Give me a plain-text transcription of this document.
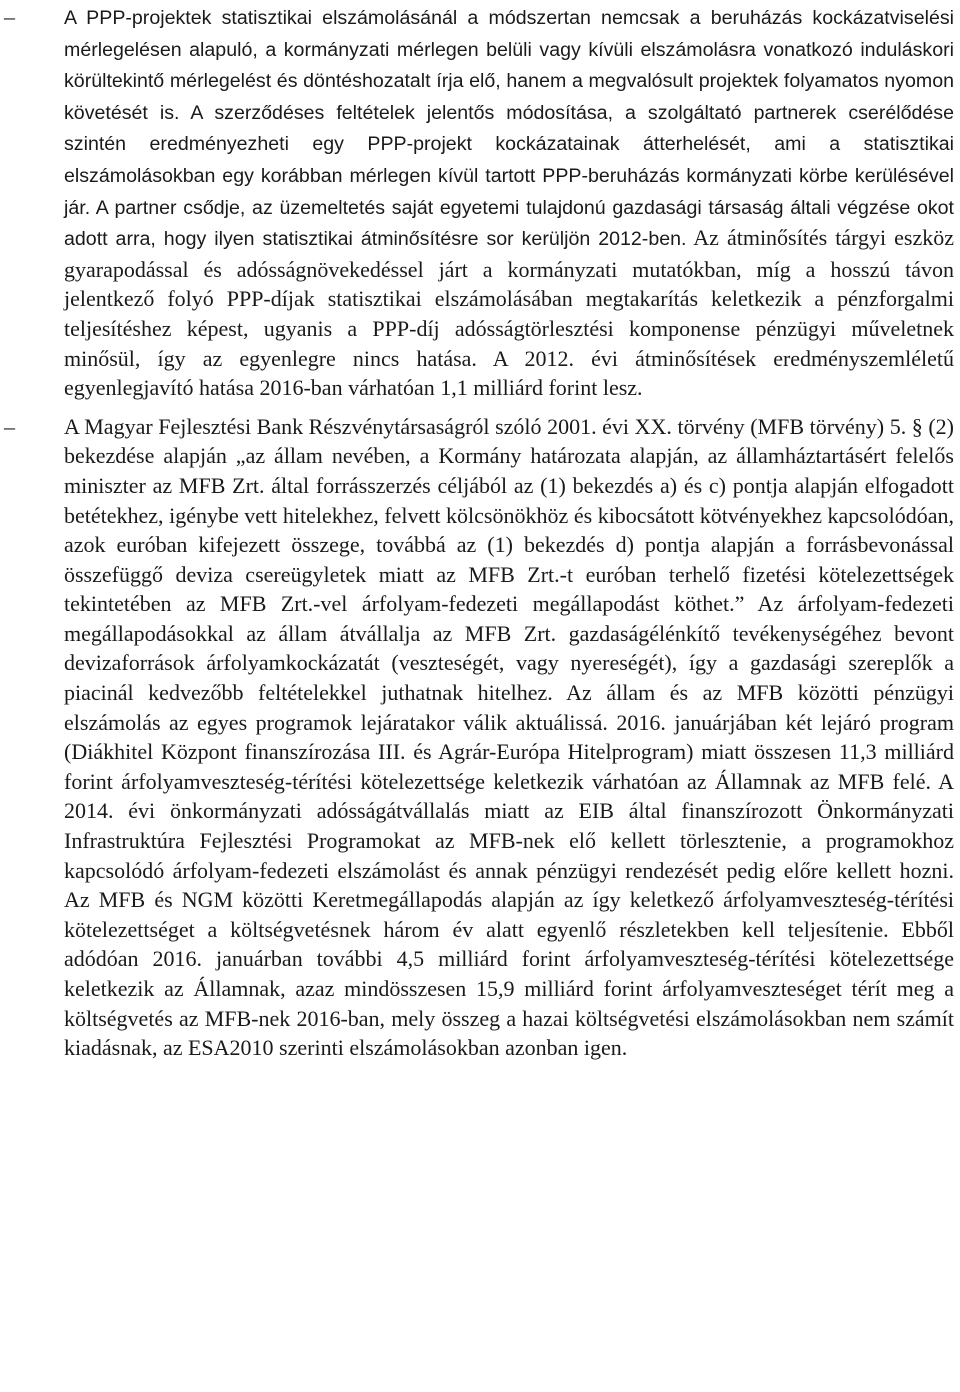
–	A PPP-projektek statisztikai elszámolásánál a módszertan nemcsak a beruházás kockázatviselési mérlegelésen alapuló, a kormányzati mérlegen belüli vagy kívüli elszámolásra vonatkozó induláskori körültekintő mérlegelést és döntéshozatalt írja elő, hanem a megvalósult projektek folyamatos nyomon követését is. A szerződéses feltételek jelentős módosítása, a szolgáltató partnerek cserélődése szintén eredményezheti egy PPP-projekt kockázatainak átterhelését, ami a statisztikai elszámolásokban egy korábban mérlegen kívül tartott PPP-beruházás kormányzati körbe kerülésével jár. A partner csődje, az üzemeltetés saját egyetemi tulajdonú gazdasági társaság általi végzése okot adott arra, hogy ilyen statisztikai átminősítésre sor kerüljön 2012-ben. Az átminősítés tárgyi eszköz gyarapodással és adósságnövekedéssel járt a kormányzati mutatókban, míg a hosszú távon jelentkező folyó PPP-díjak statisztikai elszámolásában megtakarítás keletkezik a pénzforgalmi teljesítéshez képest, ugyanis a PPP-díj adósságtörlesztési komponense pénzügyi műveletnek minősül, így az egyenlegre nincs hatása. A 2012. évi átminősítések eredményszemléletű egyenlegjavító hatása 2016-ban várhatóan 1,1 milliárd forint lesz.

–	A Magyar Fejlesztési Bank Részvénytársaságról szóló 2001. évi XX. törvény (MFB törvény) 5. § (2) bekezdése alapján „az állam nevében, a Kormány határozata alapján, az államháztartásért felelős miniszter az MFB Zrt. által forrásszerzés céljából az (1) bekezdés a) és c) pontja alapján elfogadott betétekhez, igénybe vett hitelekhez, felvett kölcsönökhöz és kibocsátott kötvényekhez kapcsolódóan, azok euróban kifejezett összege, továbbá az (1) bekezdés d) pontja alapján a forrásbevonással összefüggő deviza csereügyletek miatt az MFB Zrt.-t euróban terhelő fizetési kötelezettségek tekintetében az MFB Zrt.-vel árfolyam-fedezeti megállapodást köthet.” Az árfolyam-fedezeti megállapodásokkal az állam átvállalja az MFB Zrt. gazdaságélénkítő tevékenységéhez bevont devizaforrások árfolyamkockázatát (veszteségét, vagy nyereségét), így a gazdasági szereplők a piacinál kedvezőbb feltételekkel juthatnak hitelhez. Az állam és az MFB közötti pénzügyi elszámolás az egyes programok lejáratakor válik aktuálissá. 2016. januárjában két lejáró program (Diákhitel Központ finanszírozása III. és Agrár-Európa Hitelprogram) miatt összesen 11,3 milliárd forint árfolyamveszteség-térítési kötelezettsége keletkezik várhatóan az Államnak az MFB felé. A 2014. évi önkormányzati adósságátvállalás miatt az EIB által finanszírozott Önkormányzati Infrastruktúra Fejlesztési Programokat az MFB-nek elő kellett törlesztenie, a programokhoz kapcsolódó árfolyam-fedezeti elszámolást és annak pénzügyi rendezését pedig előre kellett hozni. Az MFB és NGM közötti Keretmegállapodás alapján az így keletkező árfolyamveszteség-térítési kötelezettséget a költségvetésnek három év alatt egyenlő részletekben kell teljesítenie. Ebből adódóan 2016. januárban további 4,5 milliárd forint árfolyamveszteség-térítési kötelezettsége keletkezik az Államnak, azaz mindösszesen 15,9 milliárd forint árfolyamveszteséget térít meg a költségvetés az MFB-nek 2016-ban, mely összeg a hazai költségvetési elszámolásokban nem számít kiadásnak, az ESA2010 szerinti elszámolásokban azonban igen.
